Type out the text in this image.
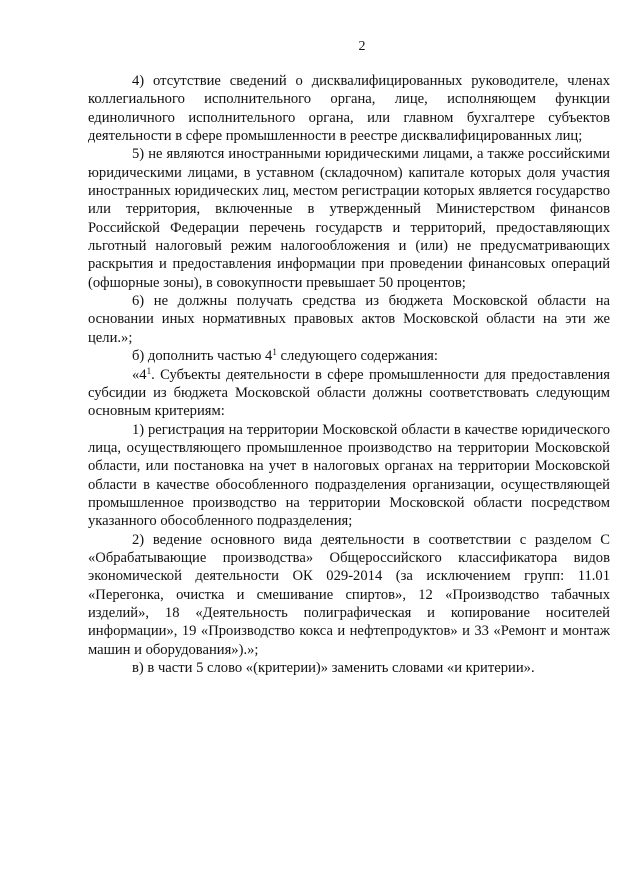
2

4) отсутствие сведений о дисквалифицированных руководителе, членах коллегиального исполнительного органа, лице, исполняющем функции единоличного исполнительного органа, или главном бухгалтере субъектов деятельности в сфере промышленности в реестре дисквалифицированных лиц;

5) не являются иностранными юридическими лицами, а также российскими юридическими лицами, в уставном (складочном) капитале которых доля участия иностранных юридических лиц, местом регистрации которых является государство или территория, включенные в утвержденный Министерством финансов Российской Федерации перечень государств и территорий, предоставляющих льготный налоговый режим налогообложения и (или) не предусматривающих раскрытия и предоставления информации при проведении финансовых операций (офшорные зоны), в совокупности превышает 50 процентов;

6) не должны получать средства из бюджета Московской области на основании иных нормативных правовых актов Московской области на эти же цели.»;

б) дополнить частью $4^1$ следующего содержания:

«$4^1$. Субъекты деятельности в сфере промышленности для предоставления субсидии из бюджета Московской области должны соответствовать следующим основным критериям:

1) регистрация на территории Московской области в качестве юридического лица, осуществляющего промышленное производство на территории Московской области, или постановка на учет в налоговых органах на территории Московской области в качестве обособленного подразделения организации, осуществляющей промышленное производство на территории Московской области посредством указанного обособленного подразделения;

2) ведение основного вида деятельности в соответствии с разделом C «Обрабатывающие производства» Общероссийского классификатора видов экономической деятельности ОК 029-2014 (за исключением групп: 11.01 «Перегонка, очистка и смешивание спиртов», 12 «Производство табачных изделий», 18 «Деятельность полиграфическая и копирование носителей информации», 19 «Производство кокса и нефтепродуктов» и 33 «Ремонт и монтаж машин и оборудования»).»;

в) в части 5 слово «(критерии)» заменить словами «и критерии».
